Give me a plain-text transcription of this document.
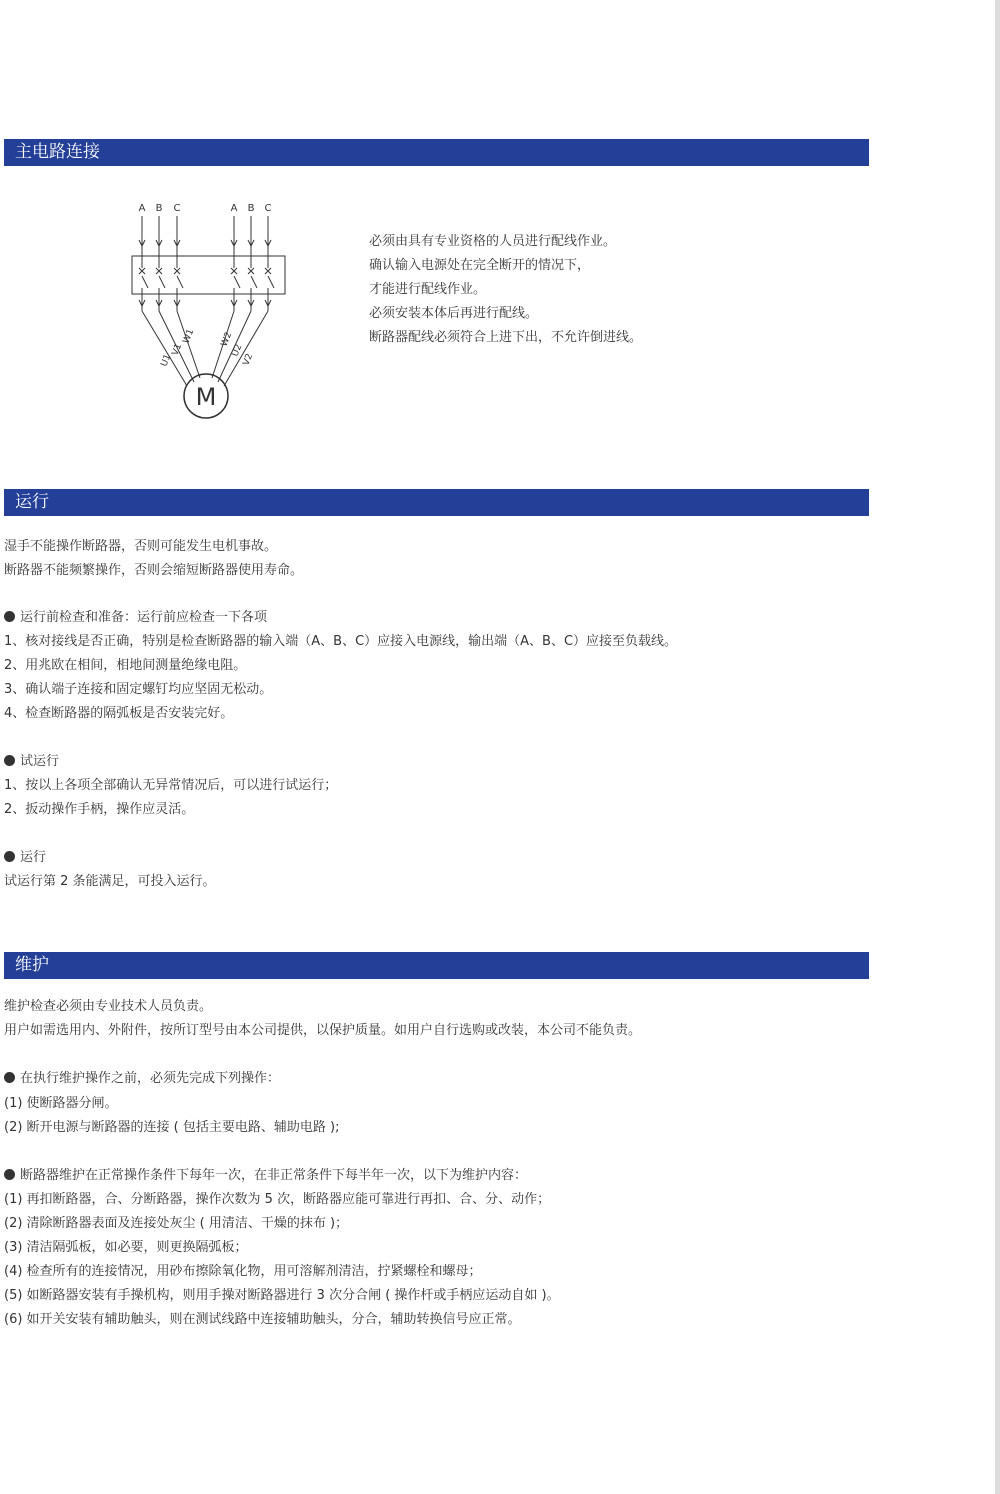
主电路连接
A B C	A B C
U1
V1
W1	W2
U2
V2
M
必须由具有专业资格的人员进行配线作业。
确认输入电源处在完全断开的情况下，
才能进行配线作业。
必须安装本体后再进行配线。
断路器配线必须符合上进下出，不允许倒进线。
运行
湿手不能操作断路器，否则可能发生电机事故。
断路器不能频繁操作，否则会缩短断路器使用寿命。
运行前检查和准备：运行前应检查一下各项
1、核对接线是否正确，特别是检查断路器的输入端（A、B、C）应接入电源线，输出端（A、B、C）应接至负载线。
2、用兆欧在相间，相地间测量绝缘电阻。
3、确认端子连接和固定螺钉均应坚固无松动。
4、检查断路器的隔弧板是否安装完好。
试运行
1、按以上各项全部确认无异常情况后，可以进行试运行；
2、扳动操作手柄，操作应灵活。
运行
试运行第 2 条能满足，可投入运行。
维护
维护检查必须由专业技术人员负责。
用户如需选用内、外附件，按所订型号由本公司提供，以保护质量。如用户自行选购或改装，本公司不能负责。
在执行维护操作之前，必须先完成下列操作：
(1) 使断路器分闸。
(2) 断开电源与断路器的连接 ( 包括主要电路、辅助电路 );
断路器维护在正常操作条件下每年一次，在非正常条件下每半年一次，以下为维护内容：
(1) 再扣断路器，合、分断路器，操作次数为 5 次，断路器应能可靠进行再扣、合、分、动作；
(2) 清除断路器表面及连接处灰尘 ( 用清洁、干燥的抹布 )；
(3) 清洁隔弧板，如必要，则更换隔弧板；
(4) 检查所有的连接情况，用砂布擦除氧化物，用可溶解剂清洁，拧紧螺栓和螺母；
(5) 如断路器安装有手操机构，则用手操对断路器进行 3 次分合闸 ( 操作杆或手柄应运动自如 )。
(6) 如开关安装有辅助触头，则在测试线路中连接辅助触头，分合，辅助转换信号应正常。
